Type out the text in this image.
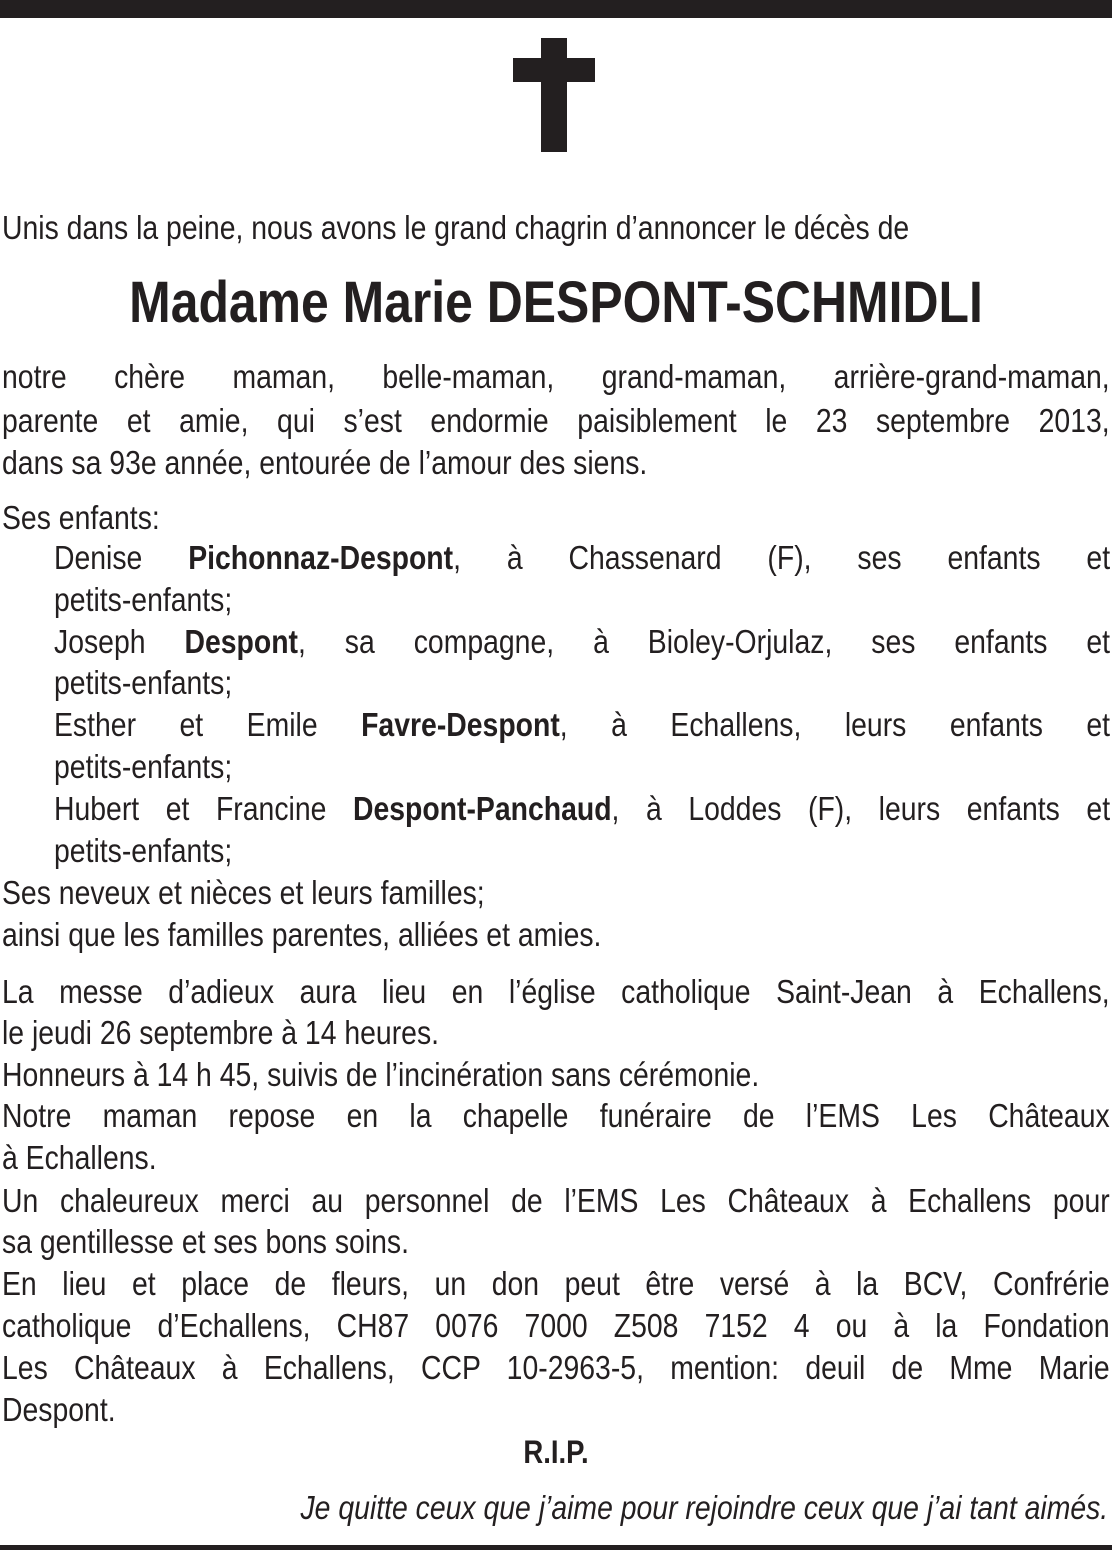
Unis dans la peine, nous avons le grand chagrin d’annoncer le décès de
Madame Marie DESPONT-SCHMIDLI
notre chère maman, belle-maman, grand-maman, arrière-grand-maman,
parente et amie, qui s’est endormie paisiblement le 23 septembre 2013,
dans sa 93e année, entourée de l’amour des siens.
Ses enfants:
Denise Pichonnaz-Despont, à Chassenard (F), ses enfants et
petits-enfants;
Joseph Despont, sa compagne, à Bioley-Orjulaz, ses enfants et
petits-enfants;
Esther et Emile Favre-Despont, à Echallens, leurs enfants et
petits-enfants;
Hubert et Francine Despont-Panchaud, à Loddes (F), leurs enfants et
petits-enfants;
Ses neveux et nièces et leurs familles;
ainsi que les familles parentes, alliées et amies.
La messe d’adieux aura lieu en l’église catholique Saint-Jean à Echallens,
le jeudi 26 septembre à 14 heures.
Honneurs à 14 h 45, suivis de l’incinération sans cérémonie.
Notre maman repose en la chapelle funéraire de l’EMS Les Châteaux
à Echallens.
Un chaleureux merci au personnel de l’EMS Les Châteaux à Echallens pour
sa gentillesse et ses bons soins.
En lieu et place de fleurs, un don peut être versé à la BCV, Confrérie
catholique d’Echallens, CH87 0076 7000 Z508 7152 4 ou à la Fondation
Les Châteaux à Echallens, CCP 10-2963-5, mention: deuil de Mme Marie
Despont.
R.I.P.
Je quitte ceux que j’aime pour rejoindre ceux que j’ai tant aimés.
